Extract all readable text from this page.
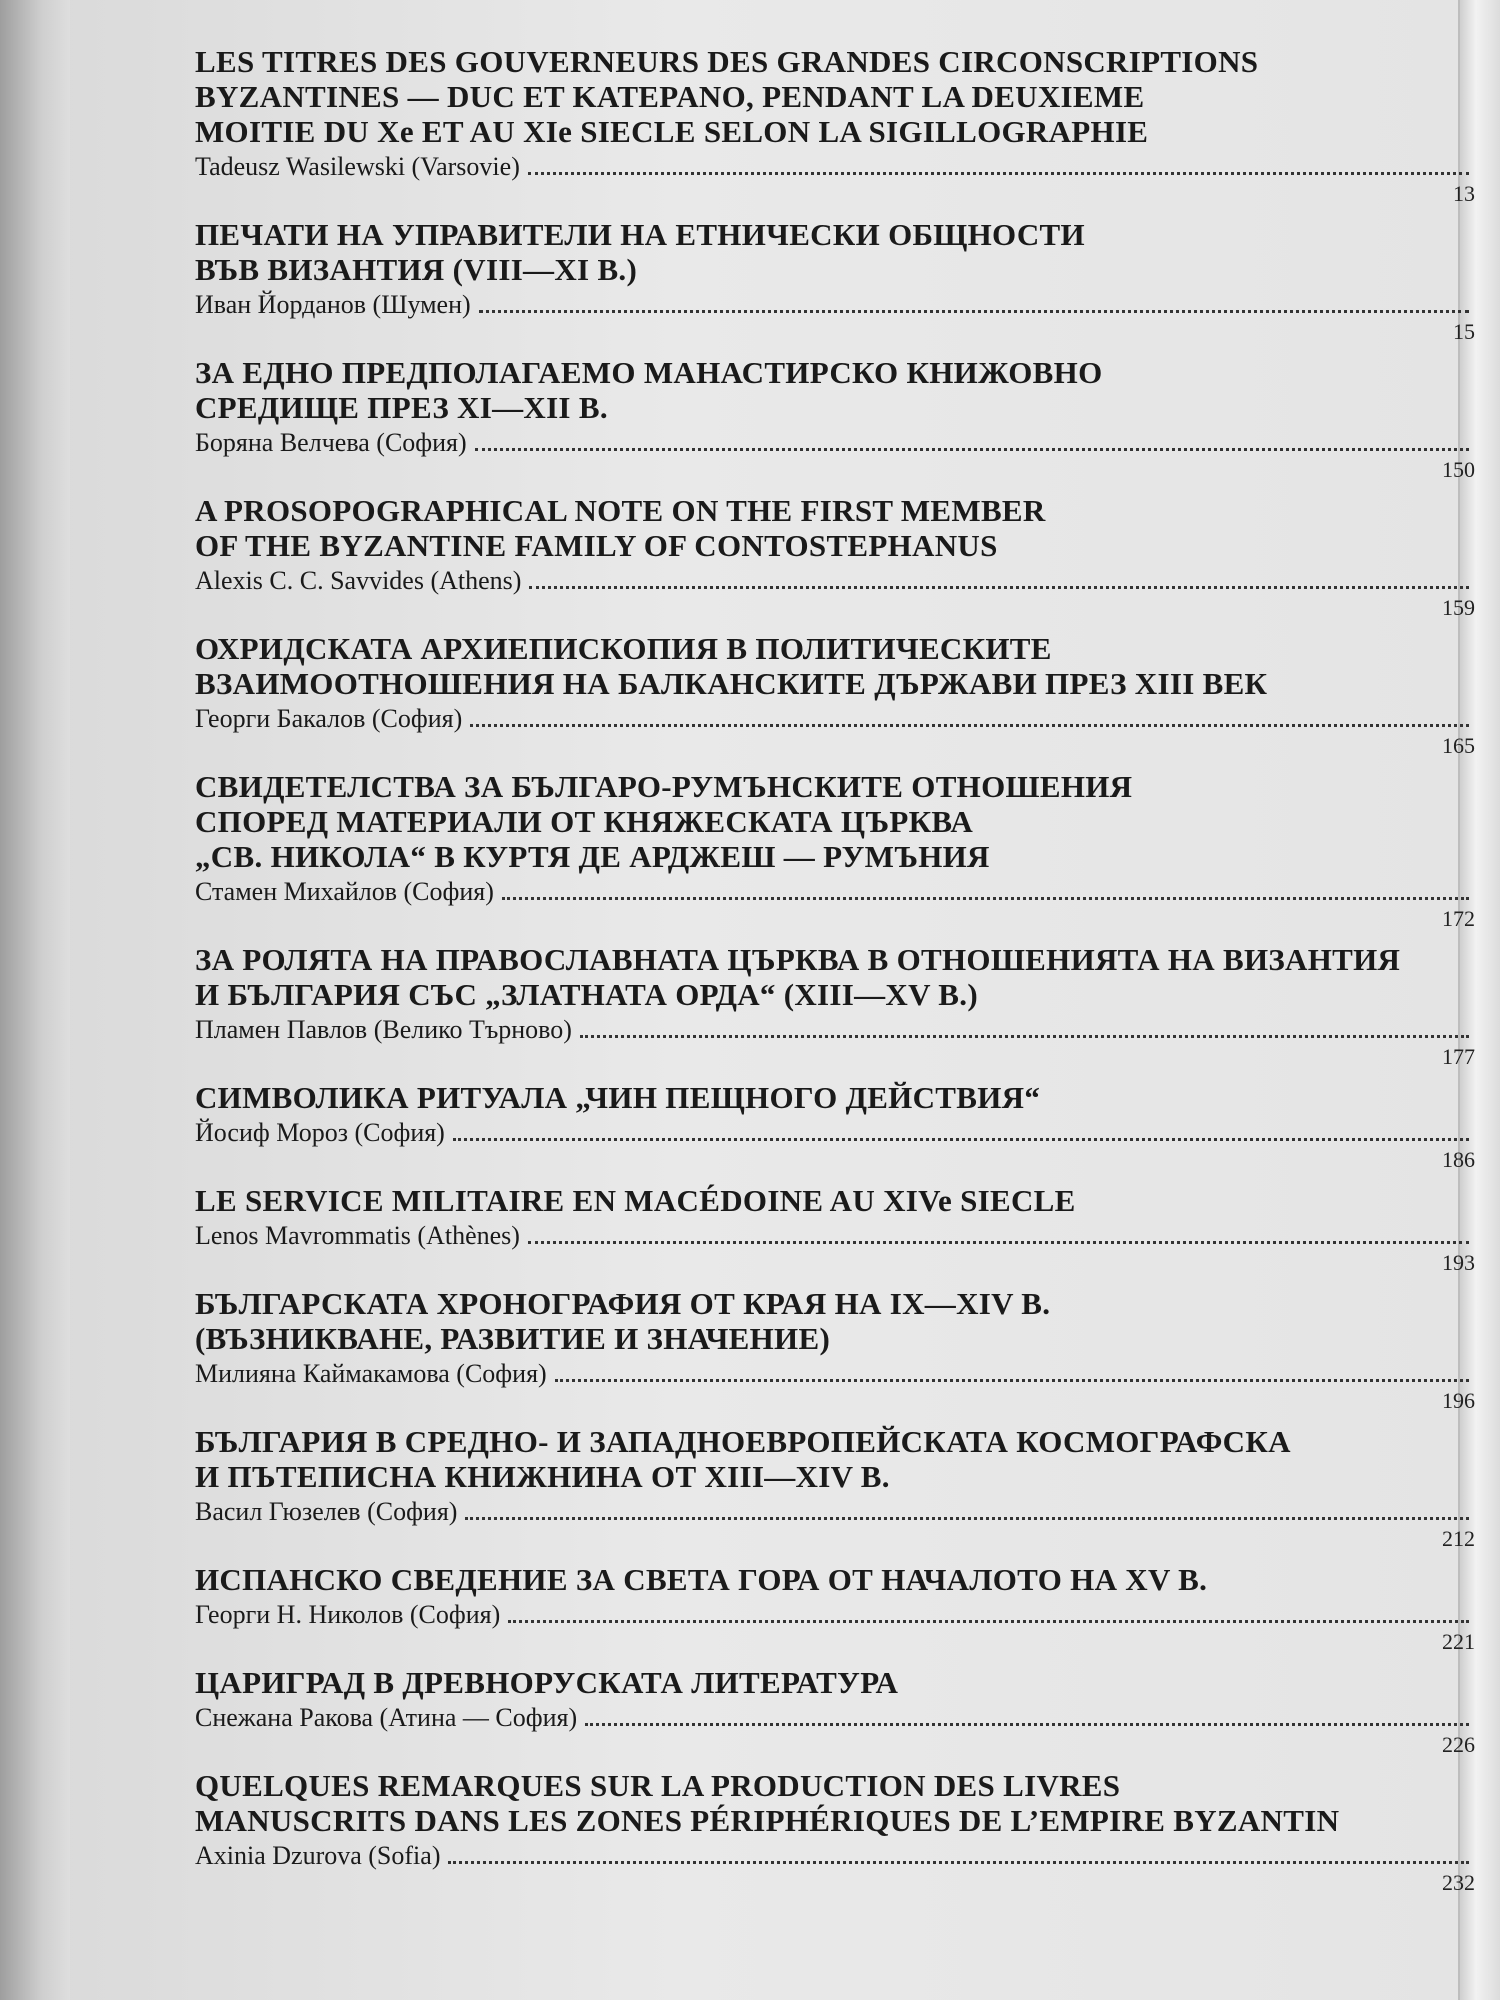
LES TITRES DES GOUVERNEURS DES GRANDES CIRCONSCRIPTIONS
BYZANTINES — DUC ET KATEPANO, PENDANT LA DEUXIEME
MOITIE DU Xe ET AU XIe SIECLE SELON LA SIGILLOGRAPHIE
Tadeusz Wasilewski (Varsovie)
13
ПЕЧАТИ НА УПРАВИТЕЛИ НА ЕТНИЧЕСКИ ОБЩНОСТИ
ВЪВ ВИЗАНТИЯ (VIII—XI В.)
Иван Йорданов (Шумен)
15
ЗА ЕДНО ПРЕДПОЛАГАЕМО МАНАСТИРСКО КНИЖОВНО
СРЕДИЩЕ ПРЕЗ XI—XII В.
Боряна Велчева (София)
150
A PROSOPOGRAPHICAL NOTE ON THE FIRST MEMBER
OF THE BYZANTINE FAMILY OF CONTOSTEPHANUS
Alexis C. C. Savvides (Athens)
159
ОХРИДСКАТА АРХИЕПИСКОПИЯ В ПОЛИТИЧЕСКИТЕ
ВЗАИМООТНОШЕНИЯ НА БАЛКАНСКИТЕ ДЪРЖАВИ ПРЕЗ XIII ВЕК
Георги Бакалов (София)
165
СВИДЕТЕЛСТВА ЗА БЪЛГАРО-РУМЪНСКИТЕ ОТНОШЕНИЯ
СПОРЕД МАТЕРИАЛИ ОТ КНЯЖЕСКАТА ЦЪРКВА
„СВ. НИКОЛА“ В КУРТЯ ДЕ АРДЖЕШ — РУМЪНИЯ
Стамен Михайлов (София)
172
ЗА РОЛЯТА НА ПРАВОСЛАВНАТА ЦЪРКВА В ОТНОШЕНИЯТА НА ВИЗАНТИЯ
И БЪЛГАРИЯ СЪС „ЗЛАТНАТА ОРДА“ (XIII—XV В.)
Пламен Павлов (Велико Търново)
177
СИМВОЛИКА РИТУАЛА „ЧИН ПЕЩНОГО ДЕЙСТВИЯ“
Йосиф Мороз (София)
186
LE SERVICE MILITAIRE EN MACÉDOINE AU XIVe SIECLE
Lenos Mavrommatis (Athènes)
193
БЪЛГАРСКАТА ХРОНОГРАФИЯ ОТ КРАЯ НА IX—XIV В.
(ВЪЗНИКВАНЕ, РАЗВИТИЕ И ЗНАЧЕНИЕ)
Милияна Каймакамова (София)
196
БЪЛГАРИЯ В СРЕДНО- И ЗАПАДНОЕВРОПЕЙСКАТА КОСМОГРАФСКА
И ПЪТЕПИСНА КНИЖНИНА ОТ XIII—XIV В.
Васил Гюзелев (София)
212
ИСПАНСКО СВЕДЕНИЕ ЗА СВЕТА ГОРА ОТ НАЧАЛОТО НА XV В.
Георги Н. Николов (София)
221
ЦАРИГРАД В ДРЕВНОРУСКАТА ЛИТЕРАТУРА
Снежана Ракова (Атина — София)
226
QUELQUES REMARQUES SUR LA PRODUCTION DES LIVRES
MANUSCRITS DANS LES ZONES PÉRIPHÉRIQUES DE L’EMPIRE BYZANTIN
Axinia Dzurova (Sofia)
232
